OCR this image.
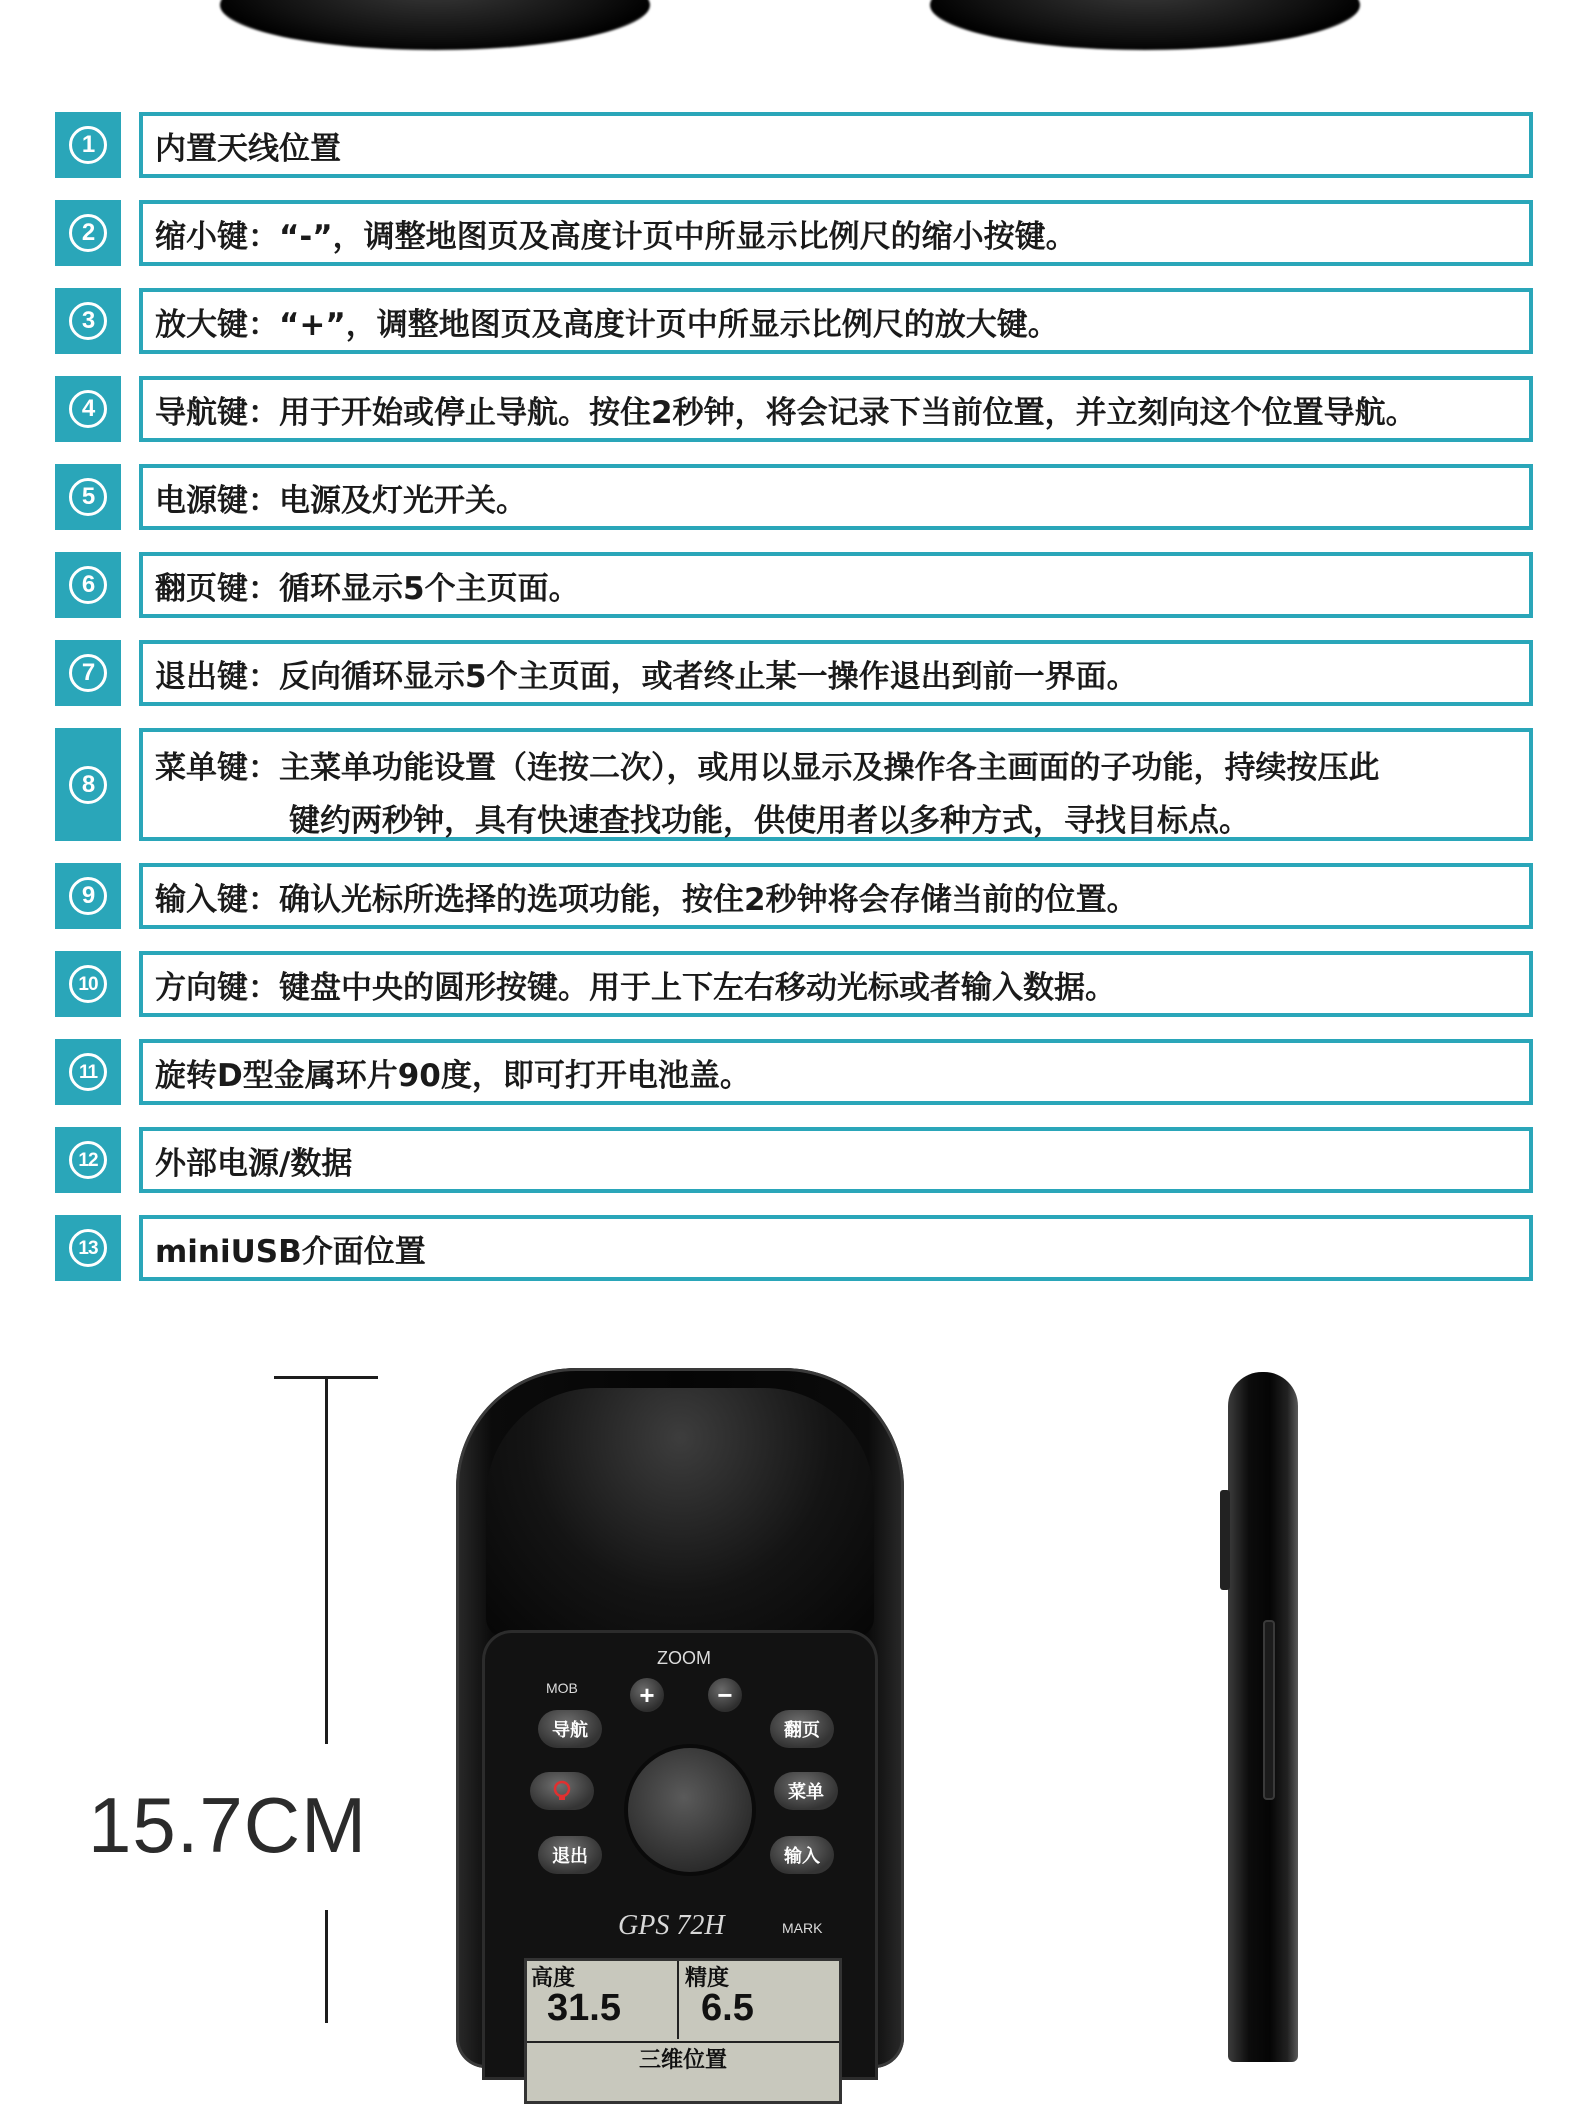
1	内置天线位置
2	缩小键：“-”，调整地图页及高度计页中所显示比例尺的缩小按键。
3	放大键：“+”，调整地图页及高度计页中所显示比例尺的放大键。
4	导航键：用于开始或停止导航。按住2秒钟，将会记录下当前位置，并立刻向这个位置导航。
5	电源键：电源及灯光开关。
6	翻页键：循环显示5个主页面。
7	退出键：反向循环显示5个主页面，或者终止某一操作退出到前一界面。
8	菜单键：主菜单功能设置（连按二次），或用以显示及操作各主画面的子功能，持续按压此
键约两秒钟，具有快速查找功能，供使用者以多种方式，寻找目标点。
9	输入键：确认光标所选择的选项功能，按住2秒钟将会存储当前的位置。
10	方向键：键盘中央的圆形按键。用于上下左右移动光标或者输入数据。
11	旋转D型金属环片90度，即可打开电池盖。
12	外部电源/数据
13	miniUSB介面位置
15.7CM
ZOOM
MOB	+	−
导航	翻页
菜单
退出	输入
GPS 72H	MARK
高度
31.5
精度
6.5
三维位置
